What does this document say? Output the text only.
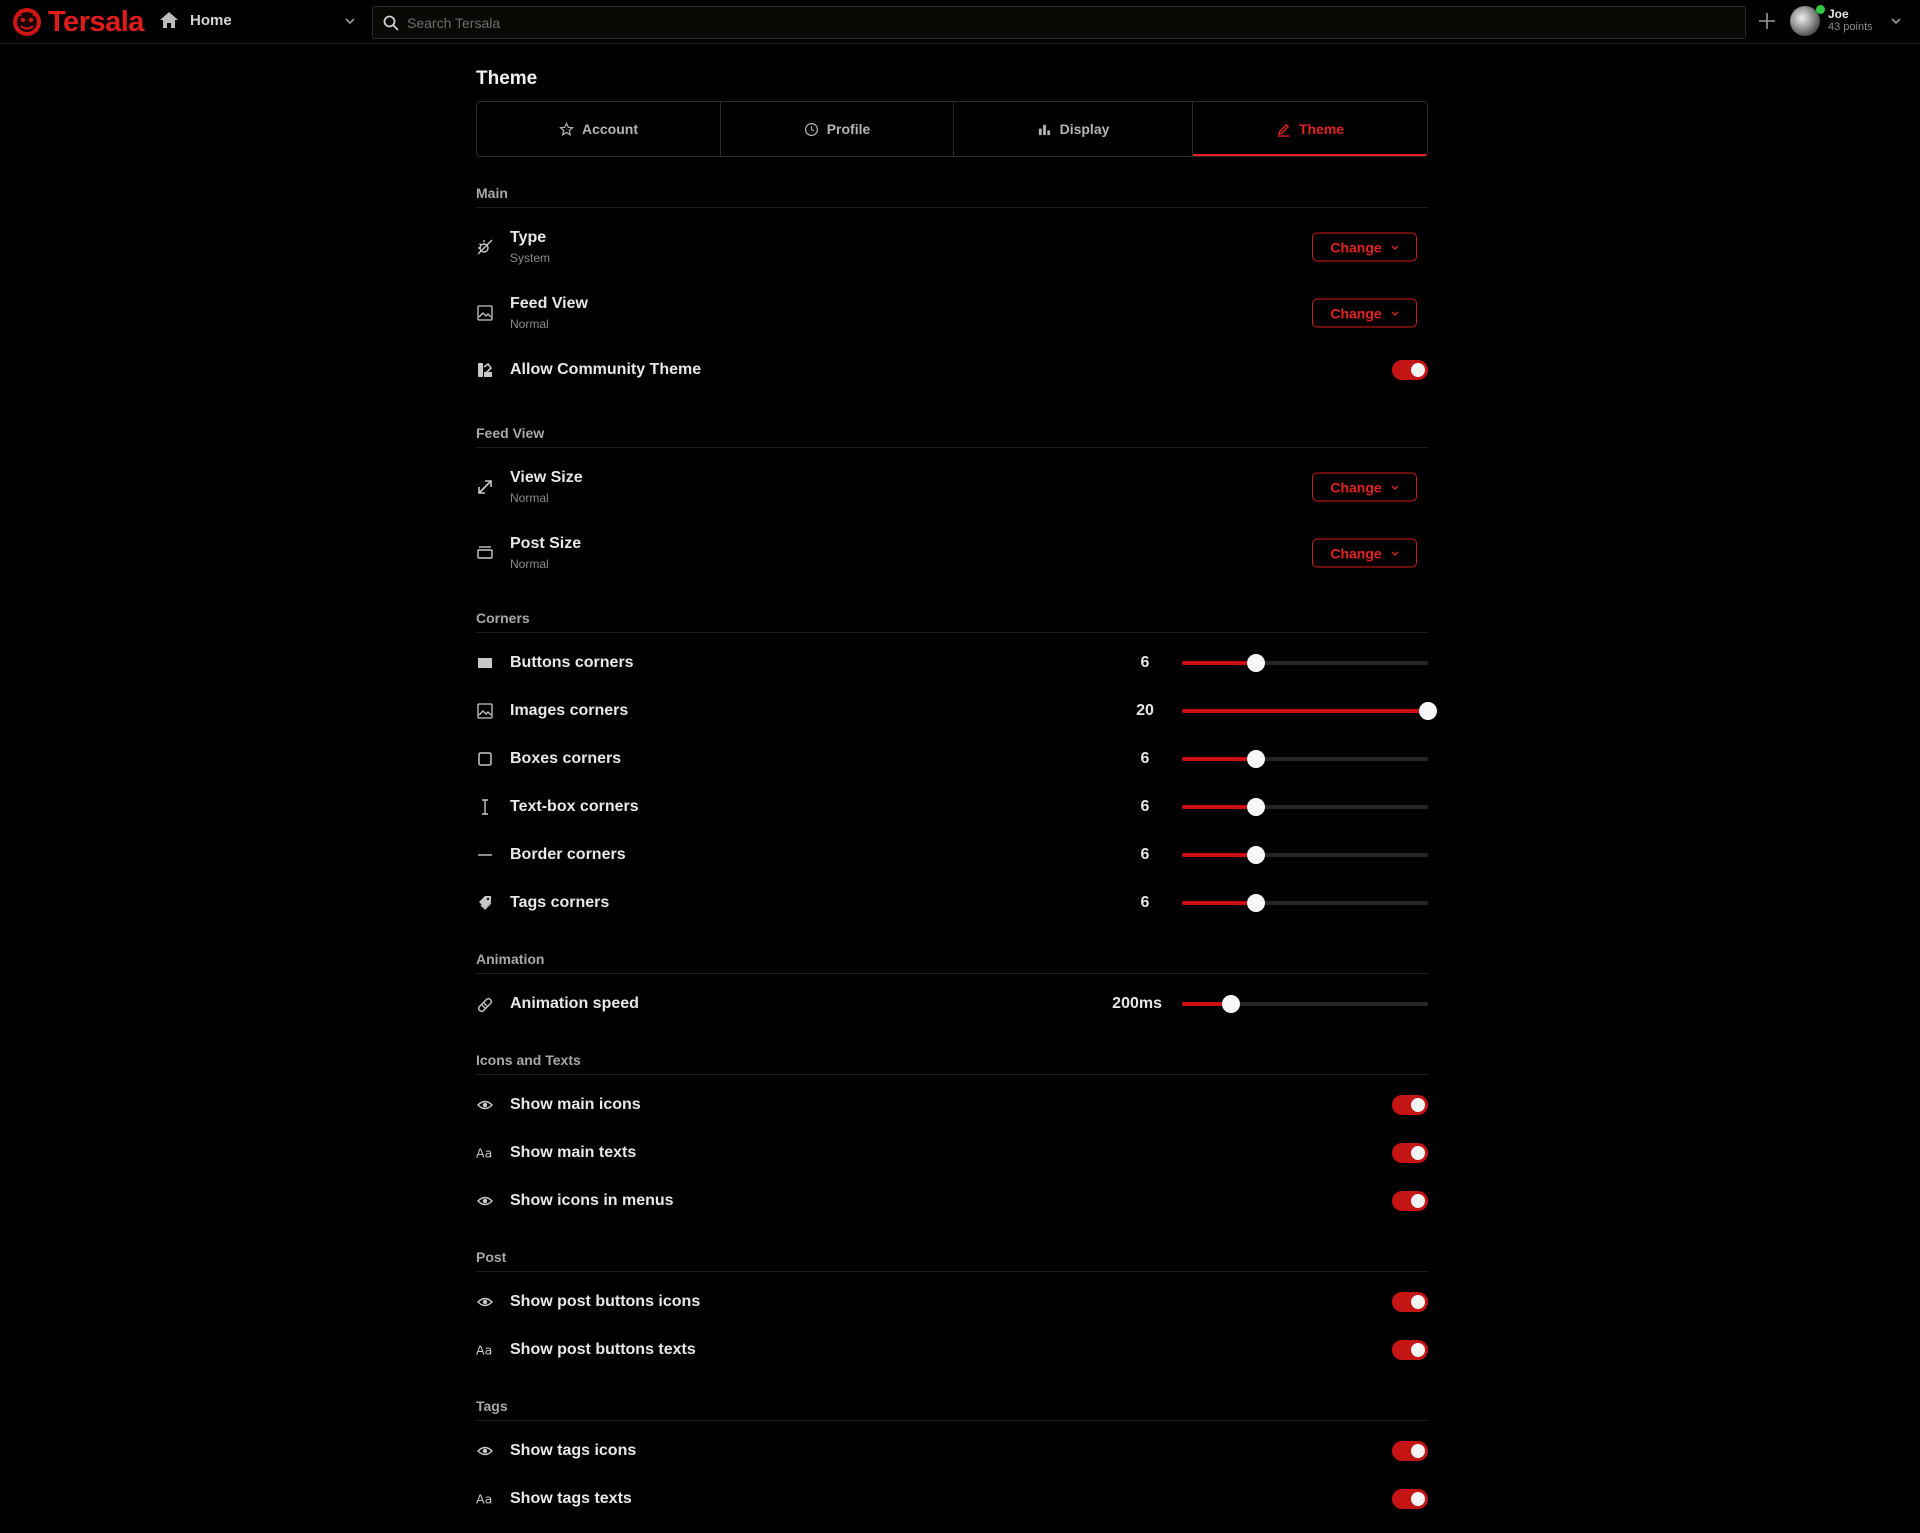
Tersala	Home
Search Tersala	Joe
43 points
Theme
Account	Profile	Display	Theme
Main
Type
System
Change
Feed View
Normal
Change
Allow Community Theme
Feed View
View Size
Normal
Change
Post Size
Normal
Change
Corners
Buttons corners	6
Images corners	20
Boxes corners	6
Text-box corners	6
Border corners	6
Tags corners	6
Animation
Animation speed	200ms
Icons and Texts
Show main icons
Aa Show main texts
Show icons in menus
Post
Show post buttons icons
Aa Show post buttons texts
Tags
Show tags icons
Aa Show tags texts
